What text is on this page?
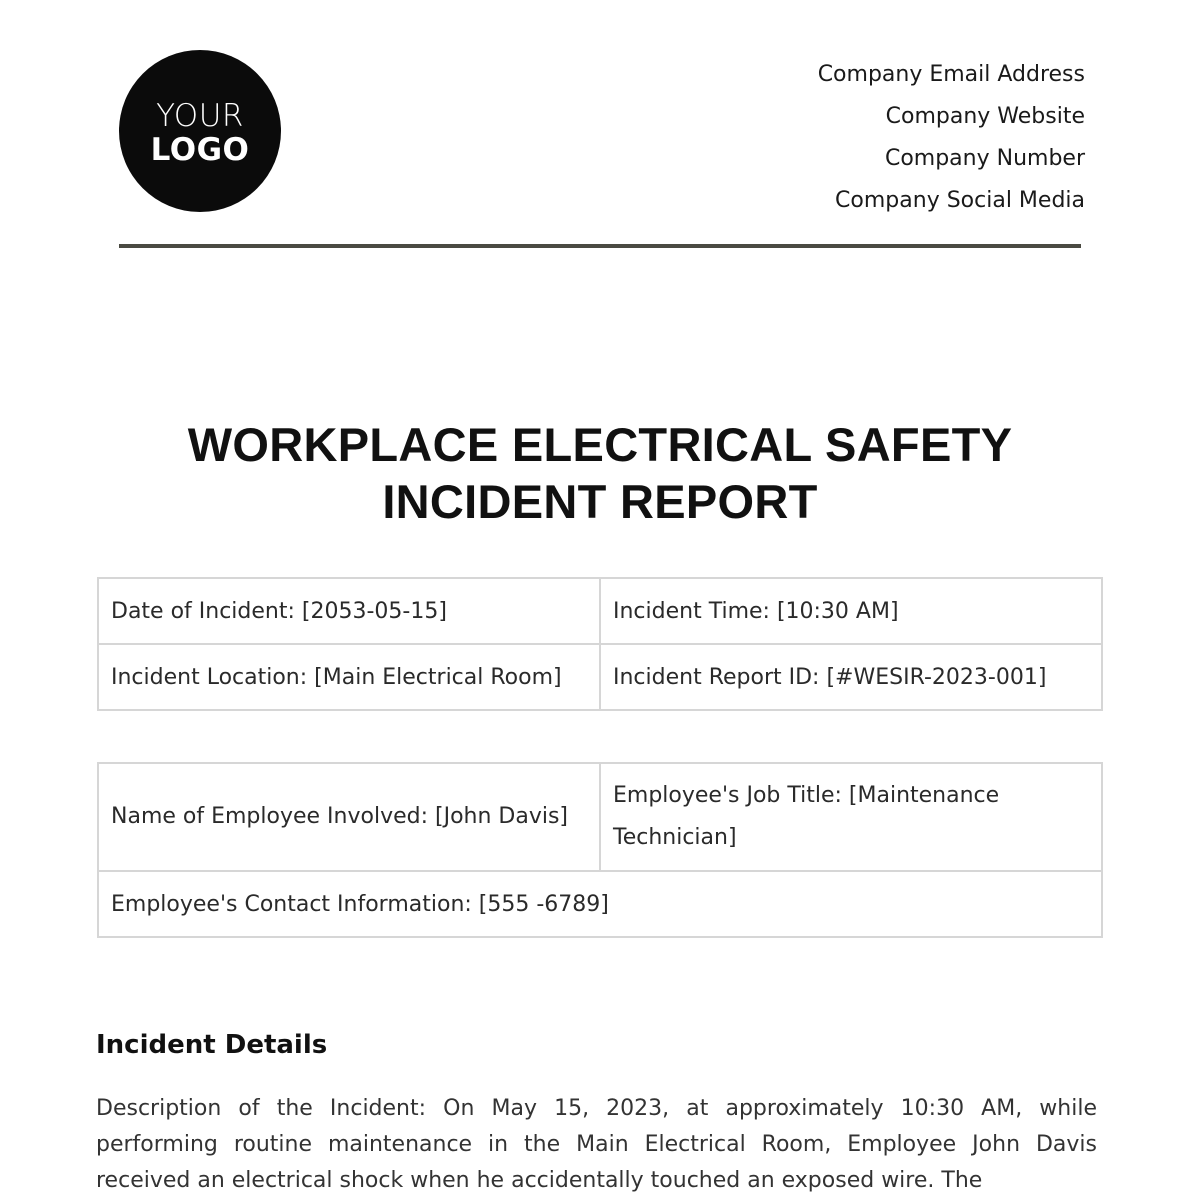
YOUR
LOGO
Company Email Address
Company Website
Company Number
Company Social Media
WORKPLACE ELECTRICAL SAFETY
INCIDENT REPORT
Date of Incident: [2053-05-15]	Incident Time: [10:30 AM]
Incident Location: [Main Electrical Room]	Incident Report ID: [#WESIR-2023-001]
Name of Employee Involved: [John Davis]	Employee's Job Title: [Maintenance Technician]
Employee's Contact Information: [555 -6789]
Incident Details
Description of the Incident: On May 15, 2023, at approximately 10:30 AM, while performing routine maintenance in the Main Electrical Room, Employee John Davis received an electrical shock when he accidentally touched an exposed wire. The
